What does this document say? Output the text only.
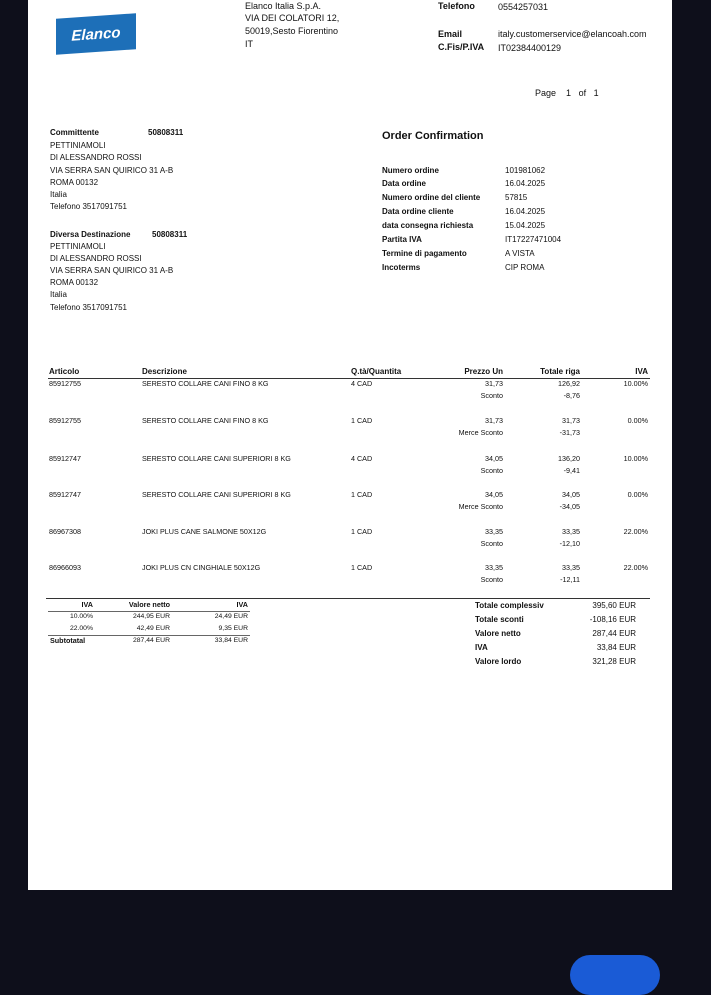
Elanco
Elanco Italia S.p.A.
VIA DEI COLATORI 12,
50019,Sesto Fiorentino
IT
Telefono	0554257031
Email	italy.customerservice@elancoah.com
C.Fis/P.IVA IT02384400129
Page 1 of 1
Committente	50808311
PETTINIAMOLI
DI ALESSANDRO ROSSI
VIA SERRA SAN QUIRICO 31 A-B
ROMA 00132
Italia
Telefono 3517091751
Diversa Destinazione	50808311
PETTINIAMOLI
DI ALESSANDRO ROSSI
VIA SERRA SAN QUIRICO 31 A-B
ROMA 00132
Italia
Telefono 3517091751
Order Confirmation
Numero ordine	101981062
Data ordine	16.04.2025
Numero ordine del cliente	57815
Data ordine cliente	16.04.2025
data consegna richiesta	15.04.2025
Partita IVA	IT17227471004
Termine di pagamento	A VISTA
Incoterms	CIP ROMA
Articolo	Descrizione	Q.tà/Quantita	Prezzo Un	Totale riga	IVA
85912755	SERESTO COLLARE CANI FINO 8 KG	4 CAD	31,73	126,92	10.00%
Sconto	-8,76
85912755	SERESTO COLLARE CANI FINO 8 KG	1 CAD	31,73	31,73	0.00%
Merce Sconto	-31,73
85912747	SERESTO COLLARE CANI SUPERIORI 8 KG	4 CAD	34,05	136,20	10.00%
Sconto	-9,41
85912747	SERESTO COLLARE CANI SUPERIORI 8 KG	1 CAD	34,05	34,05	0.00%
Merce Sconto	-34,05
86967308	JOKI PLUS CANE SALMONE 50X12G	1 CAD	33,35	33,35	22.00%
Sconto	-12,10
86966093	JOKI PLUS CN CINGHIALE 50X12G	1 CAD	33,35	33,35	22.00%
Sconto	-12,11
IVA	Valore netto	IVA
10.00%	244,95 EUR	24,49 EUR
22.00%	42,49 EUR	9,35 EUR
Subtotatal	287,44 EUR	33,84 EUR
Totale complessiv	395,60 EUR
Totale sconti	-108,16 EUR
Valore netto	287,44 EUR
IVA	33,84 EUR
Valore lordo	321,28 EUR
